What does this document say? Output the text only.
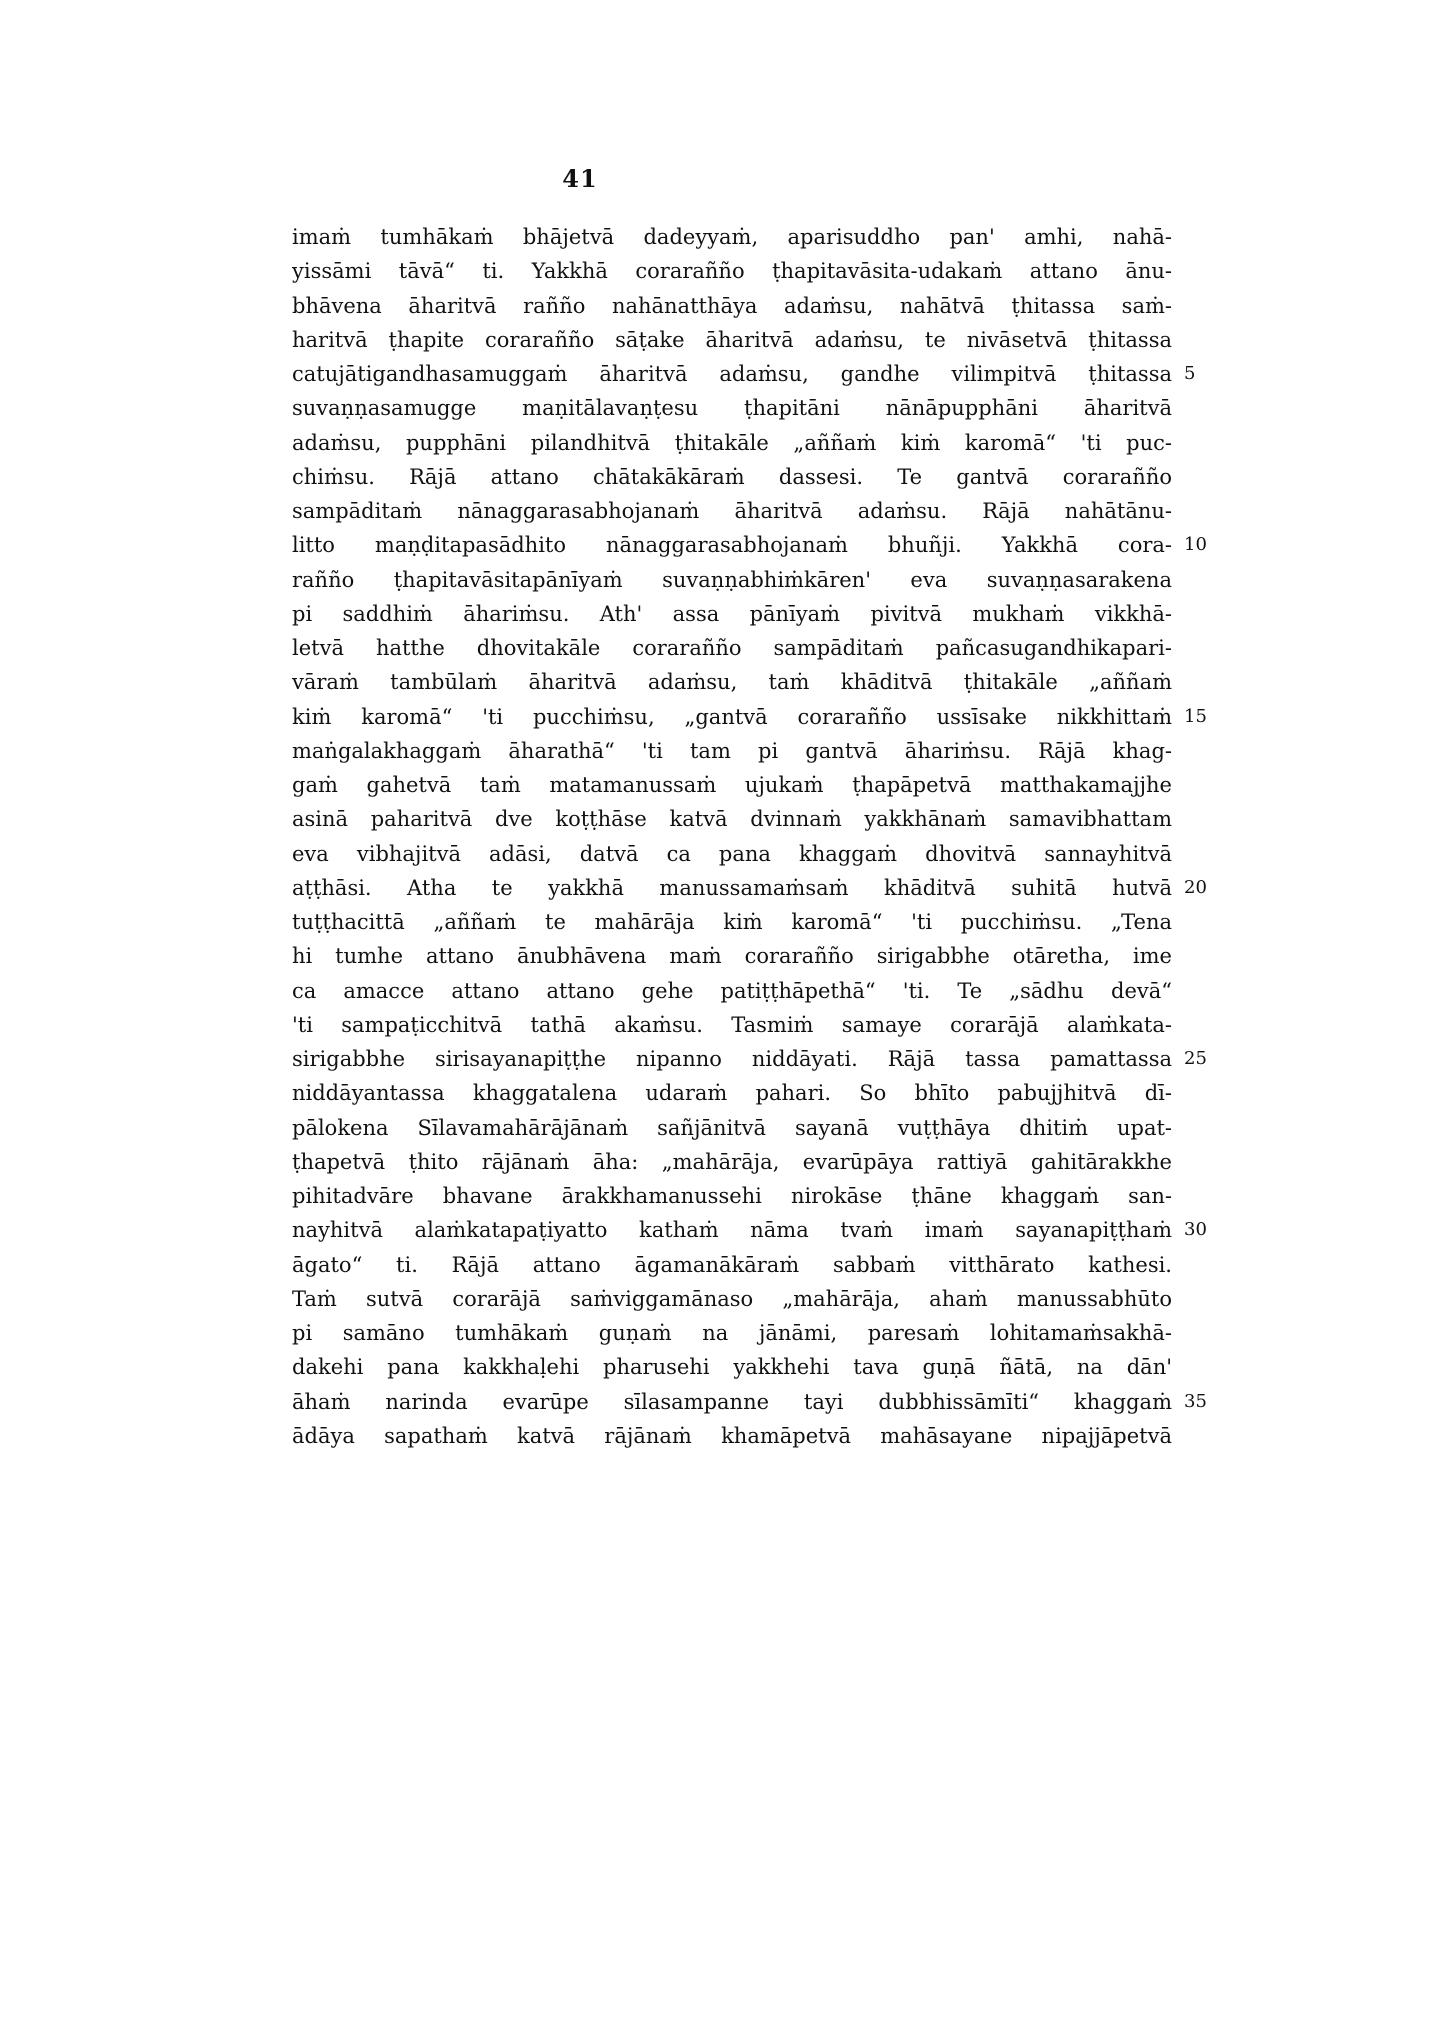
41
imaṁ tumhākaṁ bhājetvā dadeyyaṁ, aparisuddho pan' amhi, nahā-
yissāmi tāvā“ ti. Yakkhā corarañño ṭhapitavāsita-udakaṁ attano ānu-
bhāvena āharitvā rañño nahānatthāya adaṁsu, nahātvā ṭhitassa saṁ-
haritvā ṭhapite corarañño sāṭake āharitvā adaṁsu, te nivāsetvā ṭhitassa
catujātigandhasamuggaṁ āharitvā adaṁsu, gandhe vilimpitvā ṭhitassa 5
suvaṇṇasamugge maṇitālavaṇṭesu ṭhapitāni nānāpupphāni āharitvā
adaṁsu, pupphāni pilandhitvā ṭhitakāle „aññaṁ kiṁ karomā“ 'ti puc-
chiṁsu. Rājā attano chātakākāraṁ dassesi. Te gantvā corarañño
sampāditaṁ nānaggarasabhojanaṁ āharitvā adaṁsu. Rājā nahātānu-
litto maṇḍitapasādhito nānaggarasabhojanaṁ bhuñji. Yakkhā cora- 10
rañño ṭhapitavāsitapānīyaṁ suvaṇṇabhiṁkāren' eva suvaṇṇasarakena
pi saddhiṁ āhariṁsu. Ath' assa pānīyaṁ pivitvā mukhaṁ vikkhā-
letvā hatthe dhovitakāle corarañño sampāditaṁ pañcasugandhikapari-
vāraṁ tambūlaṁ āharitvā adaṁsu, taṁ khāditvā ṭhitakāle „aññaṁ
kiṁ karomā“ 'ti pucchiṁsu, „gantvā corarañño ussīsake nikkhittaṁ 15
maṅgalakhaggaṁ āharathā“ 'ti tam pi gantvā āhariṁsu. Rājā khag-
gaṁ gahetvā taṁ matamanussaṁ ujukaṁ ṭhapāpetvā matthakamajjhe
asinā paharitvā dve koṭṭhāse katvā dvinnaṁ yakkhānaṁ samavibhattam
eva vibhajitvā adāsi, datvā ca pana khaggaṁ dhovitvā sannayhitvā
aṭṭhāsi. Atha te yakkhā manussamaṁsaṁ khāditvā suhitā hutvā 20
tuṭṭhacittā „aññaṁ te mahārāja kiṁ karomā“ 'ti pucchiṁsu. „Tena
hi tumhe attano ānubhāvena maṁ corarañño sirigabbhe otāretha, ime
ca amacce attano attano gehe patiṭṭhāpethā“ 'ti. Te „sādhu devā“
'ti sampaṭicchitvā tathā akaṁsu. Tasmiṁ samaye corarājā alaṁkata-
sirigabbhe sirisayanapiṭṭhe nipanno niddāyati. Rājā tassa pamattassa 25
niddāyantassa khaggatalena udaraṁ pahari. So bhīto pabujjhitvā dī-
pālokena Sīlavamahārājānaṁ sañjānitvā sayanā vuṭṭhāya dhitiṁ upat-
ṭhapetvā ṭhito rājānaṁ āha: „mahārāja, evarūpāya rattiyā gahitārakkhe
pihitadvāre bhavane ārakkhamanussehi nirokāse ṭhāne khaggaṁ san-
nayhitvā alaṁkatapaṭiyatto kathaṁ nāma tvaṁ imaṁ sayanapiṭṭhaṁ 30
āgato“ ti. Rājā attano āgamanākāraṁ sabbaṁ vitthārato kathesi.
Taṁ sutvā corarājā saṁviggamānaso „mahārāja, ahaṁ manussabhūto
pi samāno tumhākaṁ guṇaṁ na jānāmi, paresaṁ lohitamaṁsakhā-
dakehi pana kakkhaḷehi pharusehi yakkhehi tava guṇā ñātā, na dān'
āhaṁ narinda evarūpe sīlasampanne tayi dubbhissāmīti“ khaggaṁ 35
ādāya sapathaṁ katvā rājānaṁ khamāpetvā mahāsayane nipajjāpetvā
